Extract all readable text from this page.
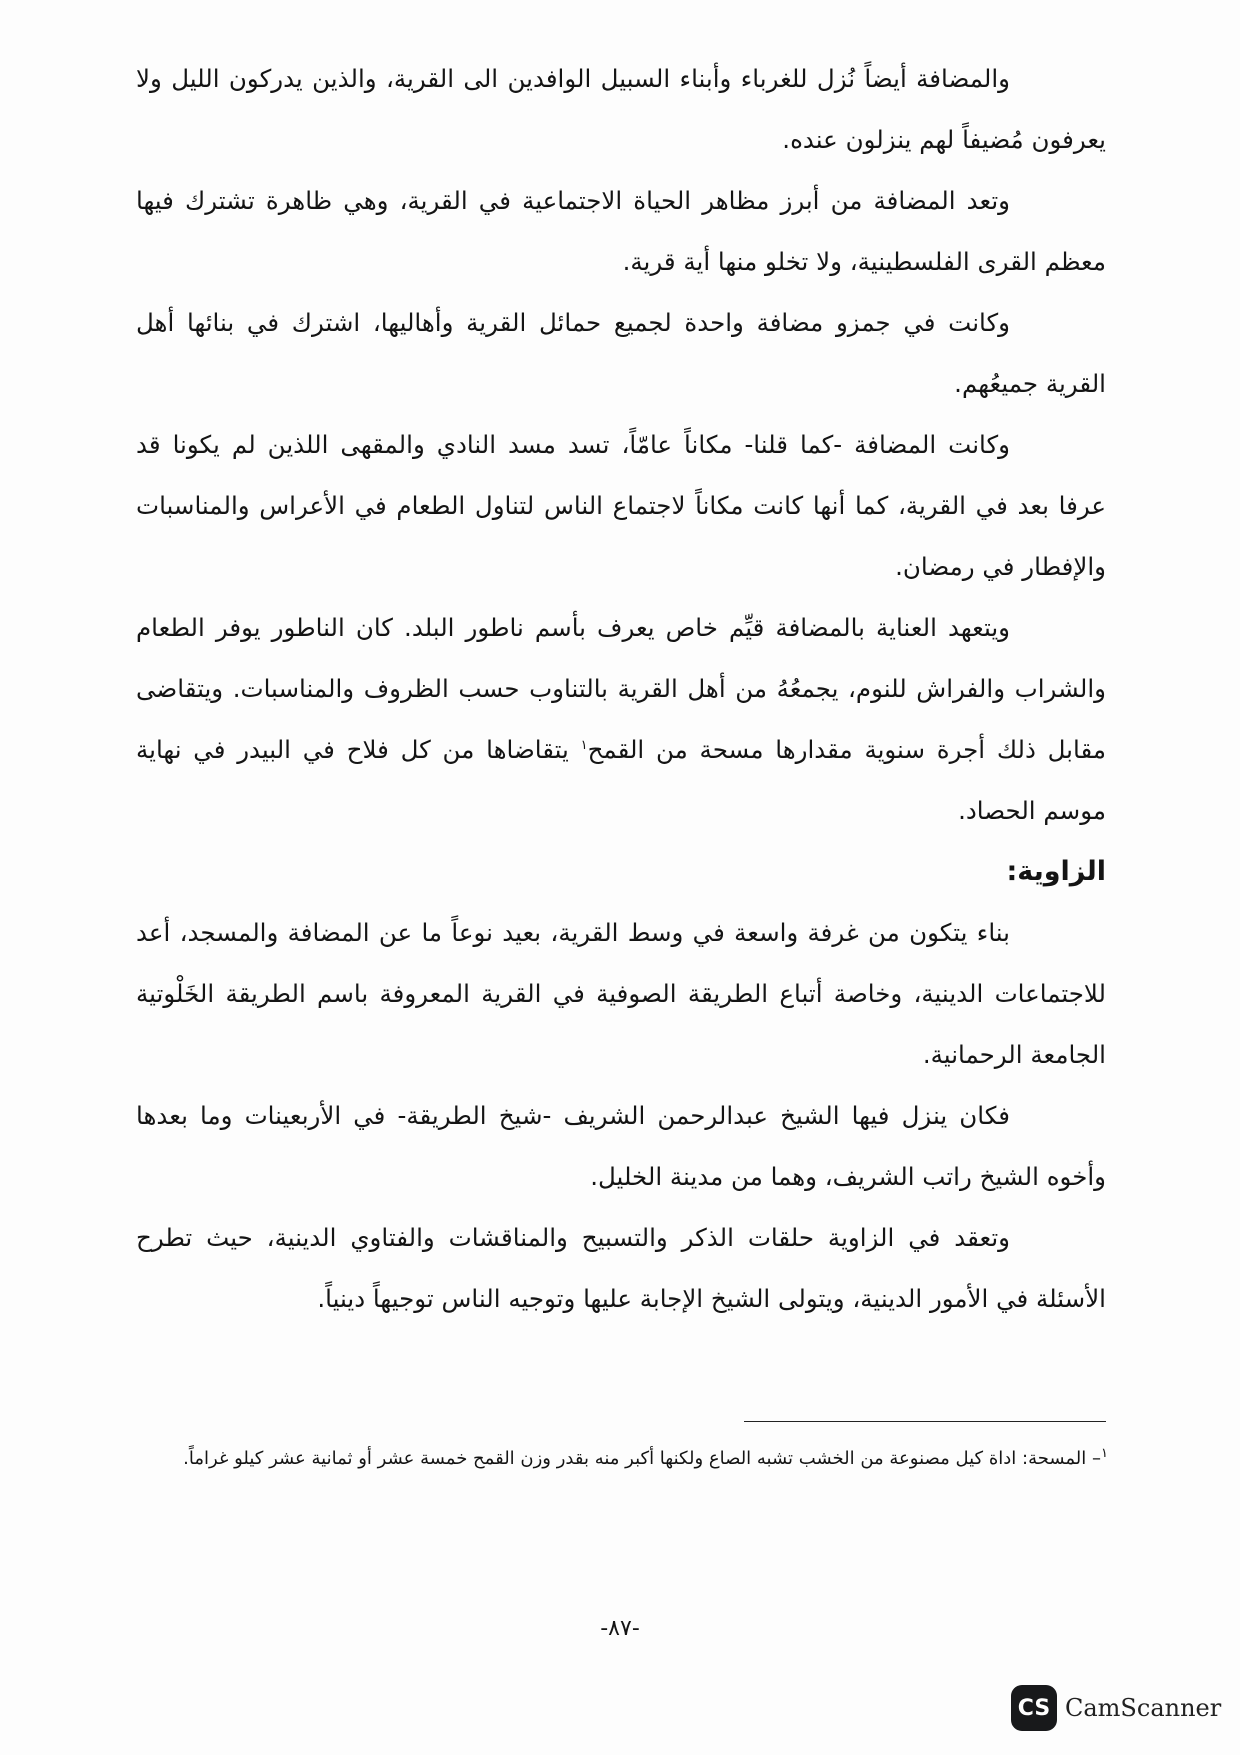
والمضافة أيضاً نُزل للغرباء وأبناء السبيل الوافدين الى القرية، والذين يدركون الليل ولا يعرفون مُضيفاً لهم ينزلون عنده.

وتعد المضافة من أبرز مظاهر الحياة الاجتماعية في القرية، وهي ظاهرة تشترك فيها معظم القرى الفلسطينية، ولا تخلو منها أية قرية.

وكانت في جمزو مضافة واحدة لجميع حمائل القرية وأهاليها، اشترك في بنائها أهل القرية جميعُهم.

وكانت المضافة -كما قلنا- مكاناً عامّاً، تسد مسد النادي والمقهى اللذين لم يكونا قد عرفا بعد في القرية، كما أنها كانت مكاناً لاجتماع الناس لتناول الطعام في الأعراس والمناسبات والإفطار في رمضان.

ويتعهد العناية بالمضافة قيِّم خاص يعرف بأسم ناطور البلد. كان الناطور يوفر الطعام والشراب والفراش للنوم، يجمعُهُ من أهل القرية بالتناوب حسب الظروف والمناسبات. ويتقاضى مقابل ذلك أجرة سنوية مقدارها مسحة من القمح$^١$ يتقاضاها من كل فلاح في البيدر في نهاية موسم الحصاد.

الزاوية:

بناء يتكون من غرفة واسعة في وسط القرية، بعيد نوعاً ما عن المضافة والمسجد، أعد للاجتماعات الدينية، وخاصة أتباع الطريقة الصوفية في القرية المعروفة باسم الطريقة الخَلْوتية الجامعة الرحمانية.

فكان ينزل فيها الشيخ عبدالرحمن الشريف -شيخ الطريقة- في الأربعينات وما بعدها وأخوه الشيخ راتب الشريف، وهما من مدينة الخليل.

وتعقد في الزاوية حلقات الذكر والتسبيح والمناقشات والفتاوي الدينية، حيث تطرح الأسئلة في الأمور الدينية، ويتولى الشيخ الإجابة عليها وتوجيه الناس توجيهاً دينياً.

$^١$– المسحة: اداة كيل مصنوعة من الخشب تشبه الصاع ولكنها أكبر منه بقدر وزن القمح خمسة عشر أو ثمانية عشر كيلو غراماً.
-٨٧-
CS CamScanner
